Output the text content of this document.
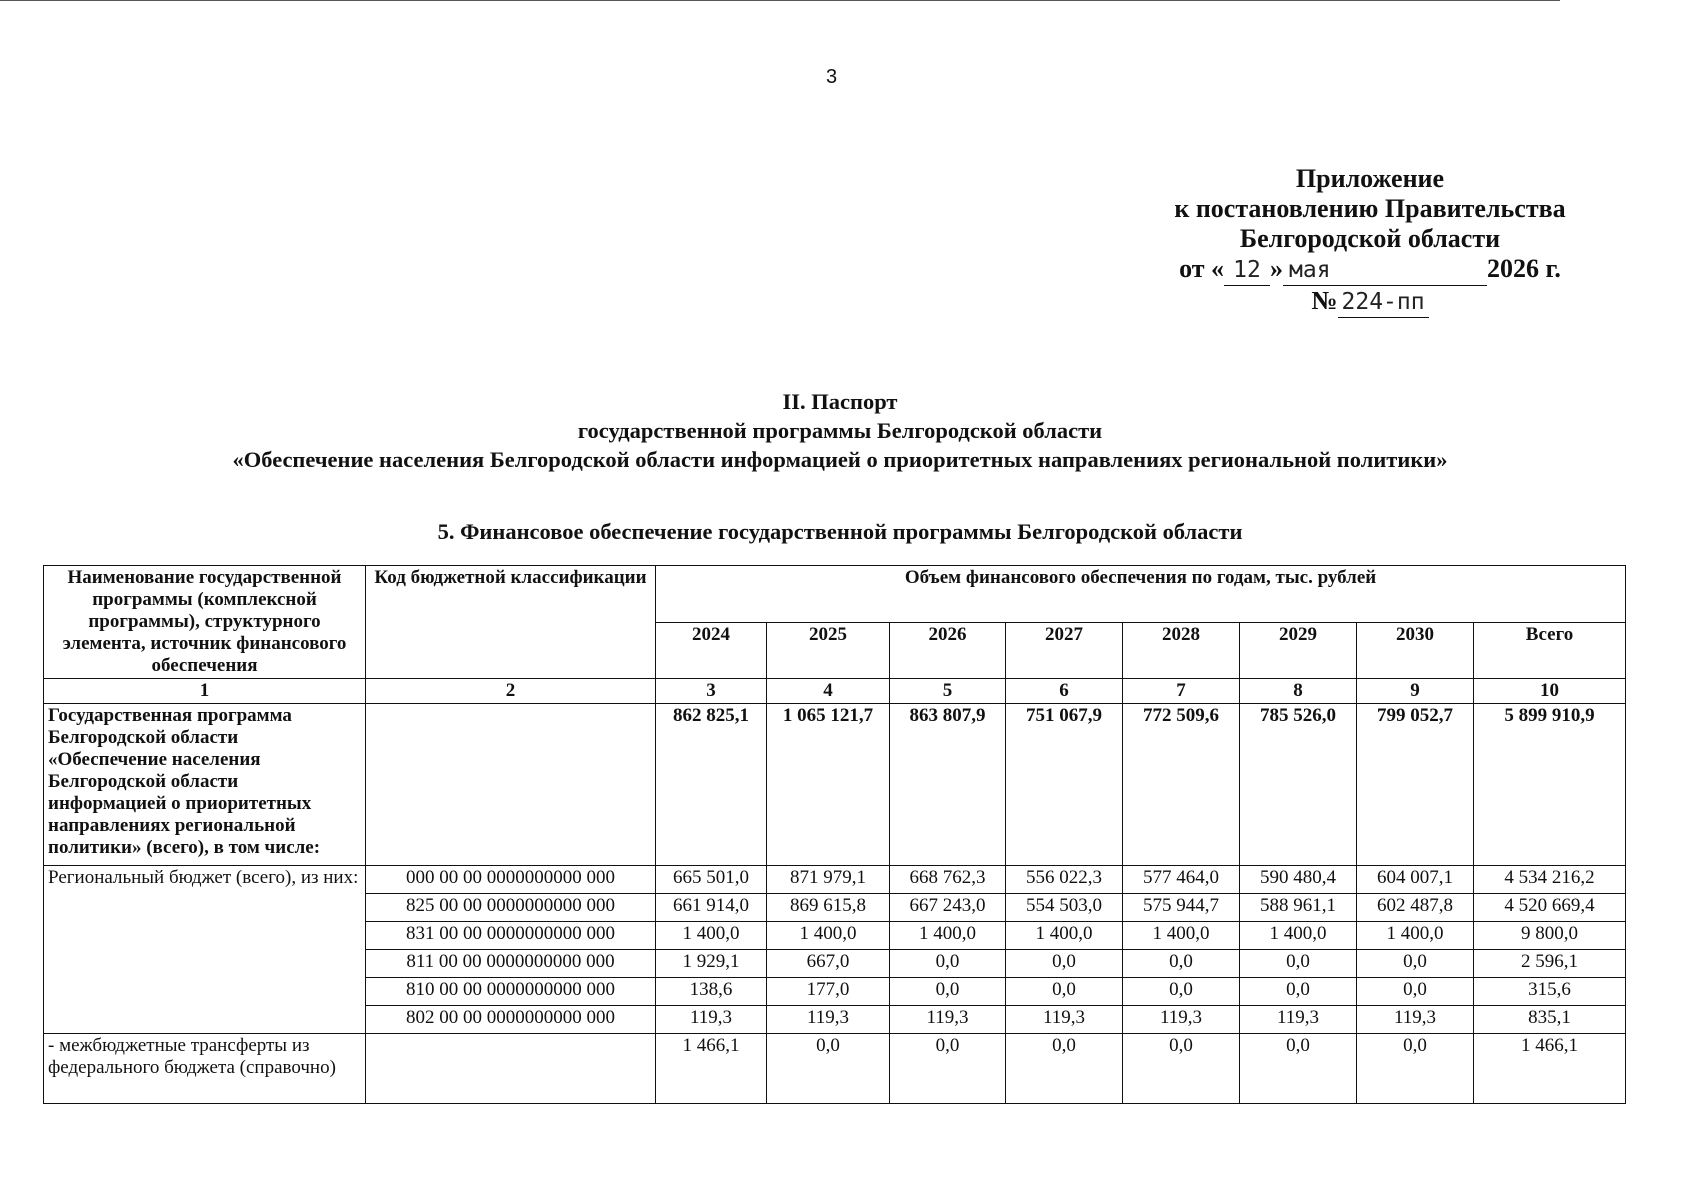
3
Приложение
к постановлению Правительства
Белгородской области
от « 12 » мая	2026 г.
№ 224-пп
II. Паспорт
государственной программы Белгородской области
«Обеспечение населения Белгородской области информацией о приоритетных направлениях региональной политики»
5. Финансовое обеспечение государственной программы Белгородской области
Наименование государственной программы (комплексной программы), структурного элемента, источник финансового обеспечения	Код бюджетной классификации	Объем финансового обеспечения по годам, тыс. рублей							
		2024	2025	2026	2027	2028	2029	2030	Всего
1	2	3	4	5	6	7	8	9	10
Государственная программа Белгородской области «Обеспечение населения Белгородской области информацией о приоритетных направлениях региональной политики» (всего), в том числе:		862 825,1	1 065 121,7	863 807,9	751 067,9	772 509,6	785 526,0	799 052,7	5 899 910,9
Региональный бюджет (всего), из них:	000 00 00 0000000000 000	665 501,0	871 979,1	668 762,3	556 022,3	577 464,0	590 480,4	604 007,1	4 534 216,2
	825 00 00 0000000000 000	661 914,0	869 615,8	667 243,0	554 503,0	575 944,7	588 961,1	602 487,8	4 520 669,4
	831 00 00 0000000000 000	1 400,0	1 400,0	1 400,0	1 400,0	1 400,0	1 400,0	1 400,0	9 800,0
	811 00 00 0000000000 000	1 929,1	667,0	0,0	0,0	0,0	0,0	0,0	2 596,1
	810 00 00 0000000000 000	138,6	177,0	0,0	0,0	0,0	0,0	0,0	315,6
	802 00 00 0000000000 000	119,3	119,3	119,3	119,3	119,3	119,3	119,3	835,1
- межбюджетные трансферты из федерального бюджета (справочно)		1 466,1	0,0	0,0	0,0	0,0	0,0	0,0	1 466,1
